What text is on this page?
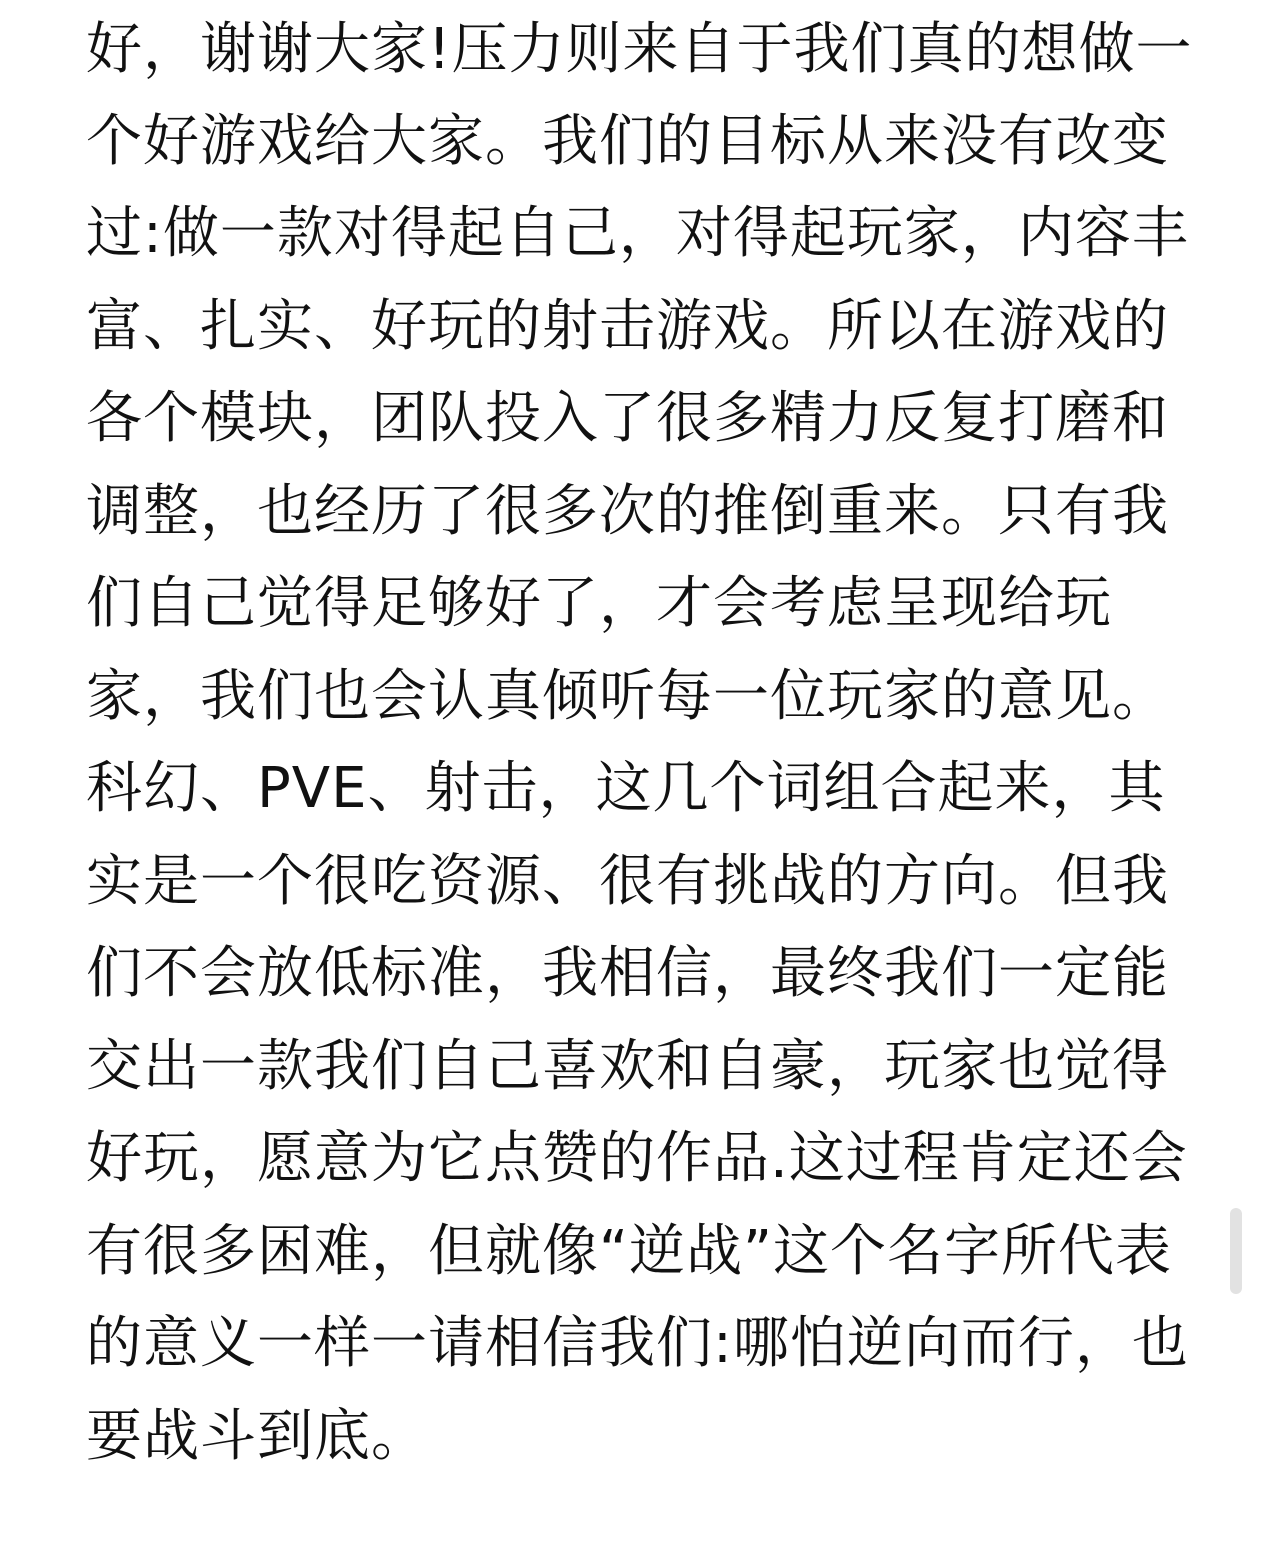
好，谢谢大家!压力则来自于我们真的想做一
个好游戏给大家。我们的目标从来没有改变
过:做一款对得起自己，对得起玩家，内容丰
富、扎实、好玩的射击游戏。所以在游戏的
各个模块，团队投入了很多精力反复打磨和
调整，也经历了很多次的推倒重来。只有我
们自己觉得足够好了，才会考虑呈现给玩
家，我们也会认真倾听每一位玩家的意见。
科幻、PVE、射击，这几个词组合起来，其
实是一个很吃资源、很有挑战的方向。但我
们不会放低标准，我相信，最终我们一定能
交出一款我们自己喜欢和自豪，玩家也觉得
好玩，愿意为它点赞的作品.这过程肯定还会
有很多困难，但就像“逆战”这个名字所代表
的意义一样一请相信我们:哪怕逆向而行，也
要战斗到底。
